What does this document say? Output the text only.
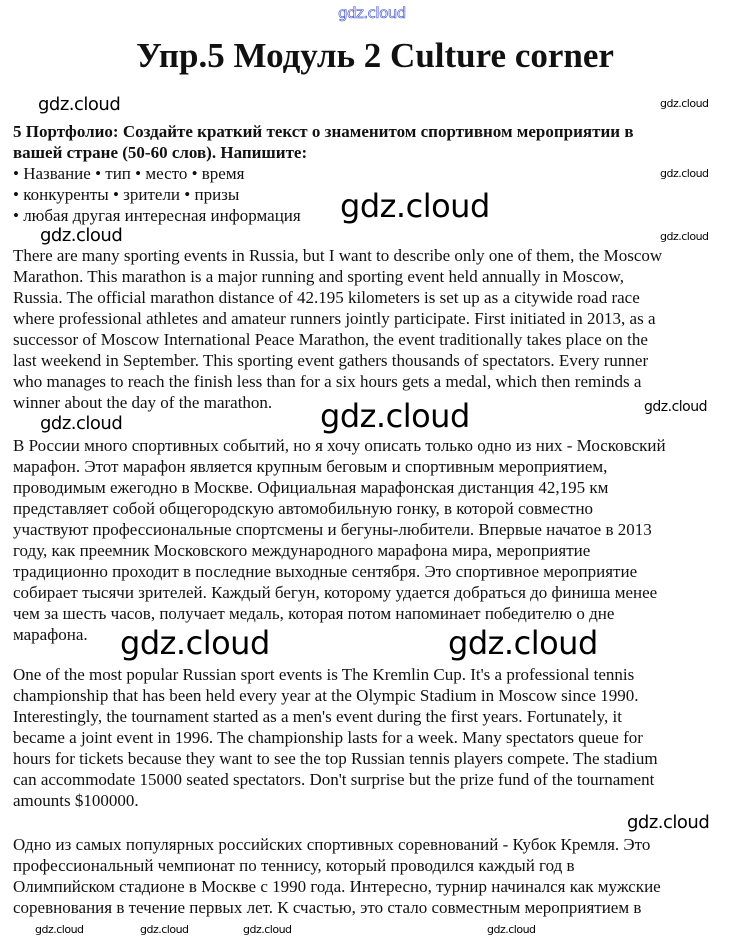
Упр.5 Модуль 2 Culture corner
5 Портфолио: Создайте краткий текст о знаменитом спортивном мероприятии в
вашей стране (50-60 слов). Напишите:
• Название • тип • место • время
• конкуренты • зрители • призы
• любая другая интересная информация
There are many sporting events in Russia, but I want to describe only one of them, the Moscow
Marathon. This marathon is a major running and sporting event held annually in Moscow,
Russia. The official marathon distance of 42.195 kilometers is set up as a citywide road race
where professional athletes and amateur runners jointly participate. First initiated in 2013, as a
successor of Moscow International Peace Marathon, the event traditionally takes place on the
last weekend in September. This sporting event gathers thousands of spectators. Every runner
who manages to reach the finish less than for a six hours gets a medal, which then reminds a
winner about the day of the marathon.
В России много спортивных событий, но я хочу описать только одно из них - Московский
марафон. Этот марафон является крупным беговым и спортивным мероприятием,
проводимым ежегодно в Москве. Официальная марафонская дистанция 42,195 км
представляет собой общегородскую автомобильную гонку, в которой совместно
участвуют профессиональные спортсмены и бегуны-любители. Впервые начатое в 2013
году, как преемник Московского международного марафона мира, мероприятие
традиционно проходит в последние выходные сентября. Это спортивное мероприятие
собирает тысячи зрителей. Каждый бегун, которому удается добраться до финиша менее
чем за шесть часов, получает медаль, которая потом напоминает победителю о дне
марафона.
One of the most popular Russian sport events is The Kremlin Cup. It's a professional tennis
championship that has been held every year at the Olympic Stadium in Moscow since 1990.
Interestingly, the tournament started as a men's event during the first years. Fortunately, it
became a joint event in 1996. The championship lasts for a week. Many spectators queue for
hours for tickets because they want to see the top Russian tennis players compete. The stadium
can accommodate 15000 seated spectators. Don't surprise but the prize fund of the tournament
amounts $100000.
Одно из самых популярных российских спортивных соревнований - Кубок Кремля. Это
профессиональный чемпионат по теннису, который проводился каждый год в
Олимпийском стадионе в Москве с 1990 года. Интересно, турнир начинался как мужские
соревнования в течение первых лет. К счастью, это стало совместным мероприятием в
gdz.cloud
gdz.cloud	gdz.cloud
gdz.cloud
gdz.cloud
gdz.cloud	gdz.cloud
gdz.cloud	gdz.cloud
gdz.cloud
gdz.cloud
gdz.cloud
gdz.cloud
gdz.cloud	gdz.cloud	gdz.cloud
gdz.cloud
